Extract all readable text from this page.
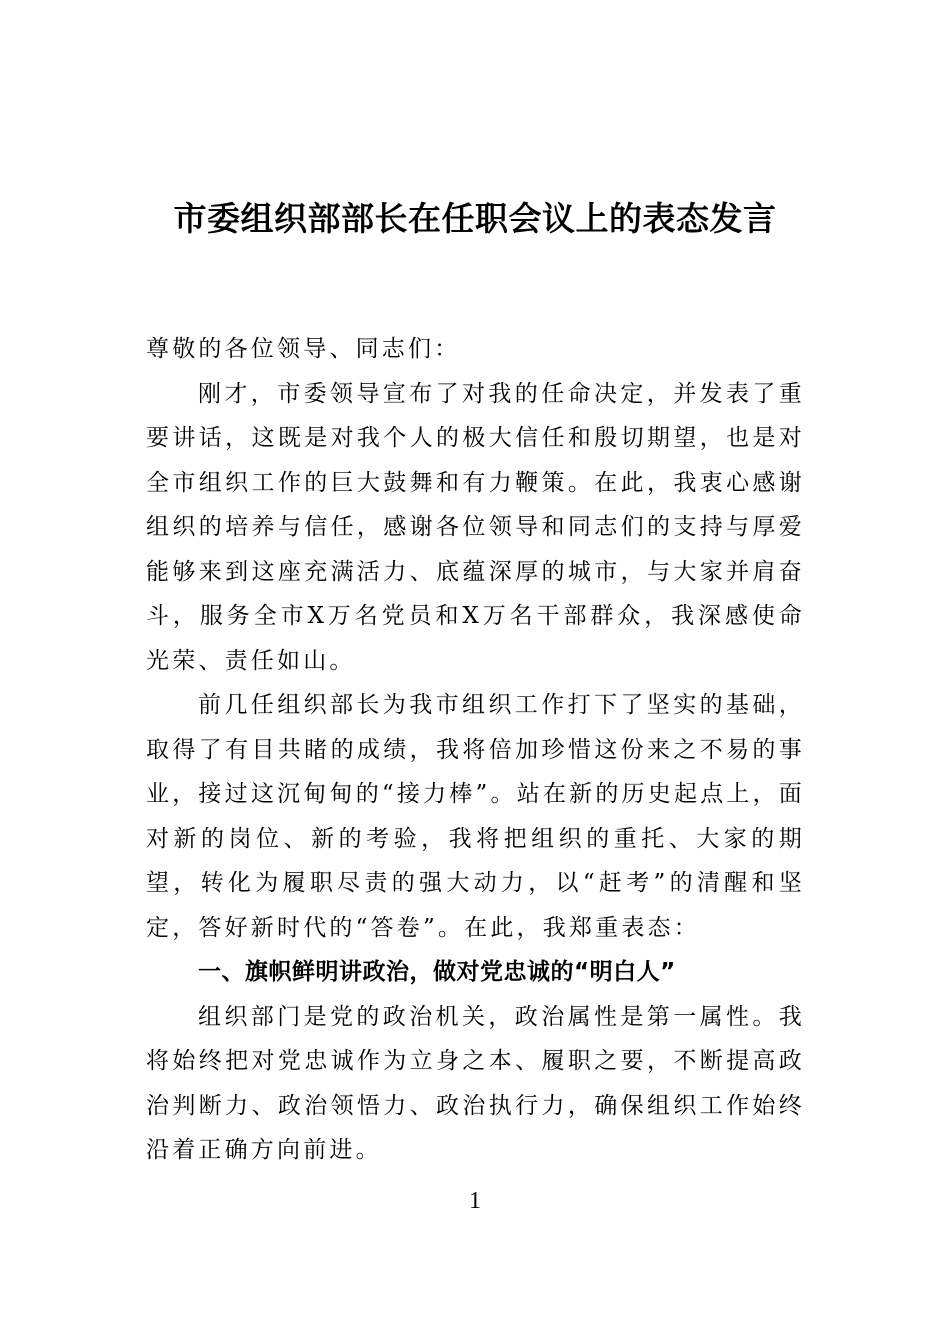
市委组织部部长在任职会议上的表态发言

尊敬的各位领导、同志们：

刚才，市委领导宣布了对我的任命决定，并发表了重要讲话，这既是对我个人的极大信任和殷切期望，也是对全市组织工作的巨大鼓舞和有力鞭策。在此，我衷心感谢组织的培养与信任，感谢各位领导和同志们的支持与厚爱能够来到这座充满活力、底蕴深厚的城市，与大家并肩奋斗，服务全市X万名党员和X万名干部群众，我深感使命光荣、责任如山。

前几任组织部长为我市组织工作打下了坚实的基础，取得了有目共睹的成绩，我将倍加珍惜这份来之不易的事业，接过这沉甸甸的“接力棒”。站在新的历史起点上，面对新的岗位、新的考验，我将把组织的重托、大家的期望，转化为履职尽责的强大动力，以“赶考”的清醒和坚定，答好新时代的“答卷”。在此，我郑重表态：

一、旗帜鲜明讲政治，做对党忠诚的“明白人”

组织部门是党的政治机关，政治属性是第一属性。我将始终把对党忠诚作为立身之本、履职之要，不断提高政治判断力、政治领悟力、政治执行力，确保组织工作始终沿着正确方向前进。

1
